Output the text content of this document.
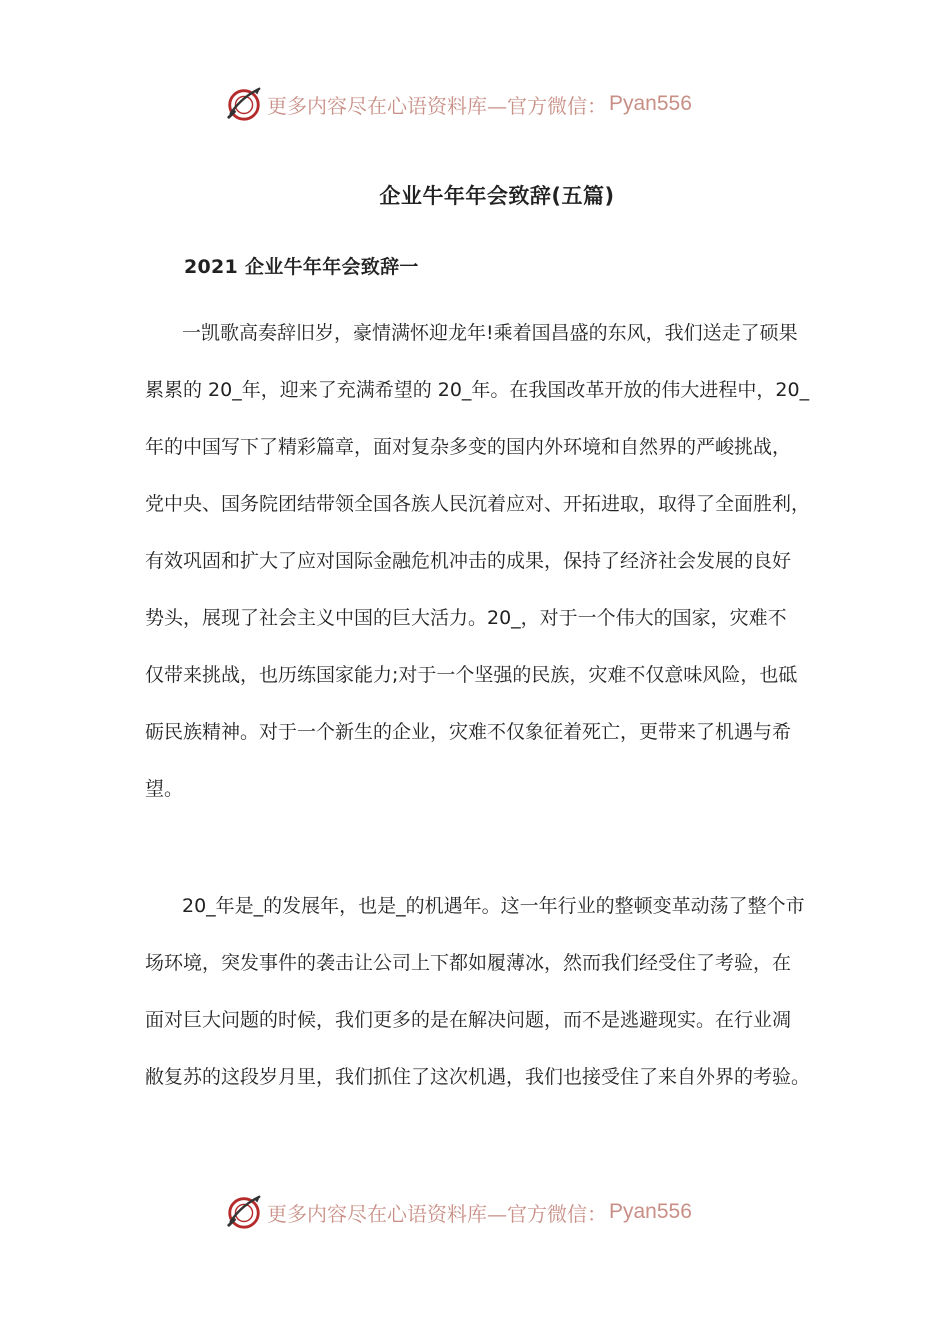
更多内容尽在心语资料库—官方微信： Pyan556
企业牛年年会致辞(五篇)
2021 企业牛年年会致辞一
一凯歌高奏辞旧岁，豪情满怀迎龙年!乘着国昌盛的东风，我们送走了硕果
累累的 20_年，迎来了充满希望的 20_年。在我国改革开放的伟大进程中，20_
年的中国写下了精彩篇章，面对复杂多变的国内外环境和自然界的严峻挑战，
党中央、国务院团结带领全国各族人民沉着应对、开拓进取，取得了全面胜利，
有效巩固和扩大了应对国际金融危机冲击的成果，保持了经济社会发展的良好
势头，展现了社会主义中国的巨大活力。20_，对于一个伟大的国家，灾难不
仅带来挑战，也历练国家能力;对于一个坚强的民族，灾难不仅意味风险，也砥
砺民族精神。对于一个新生的企业，灾难不仅象征着死亡，更带来了机遇与希
望。
20_年是_的发展年，也是_的机遇年。这一年行业的整顿变革动荡了整个市
场环境，突发事件的袭击让公司上下都如履薄冰，然而我们经受住了考验，在
面对巨大问题的时候，我们更多的是在解决问题，而不是逃避现实。在行业凋
敝复苏的这段岁月里，我们抓住了这次机遇，我们也接受住了来自外界的考验。
更多内容尽在心语资料库—官方微信： Pyan556
